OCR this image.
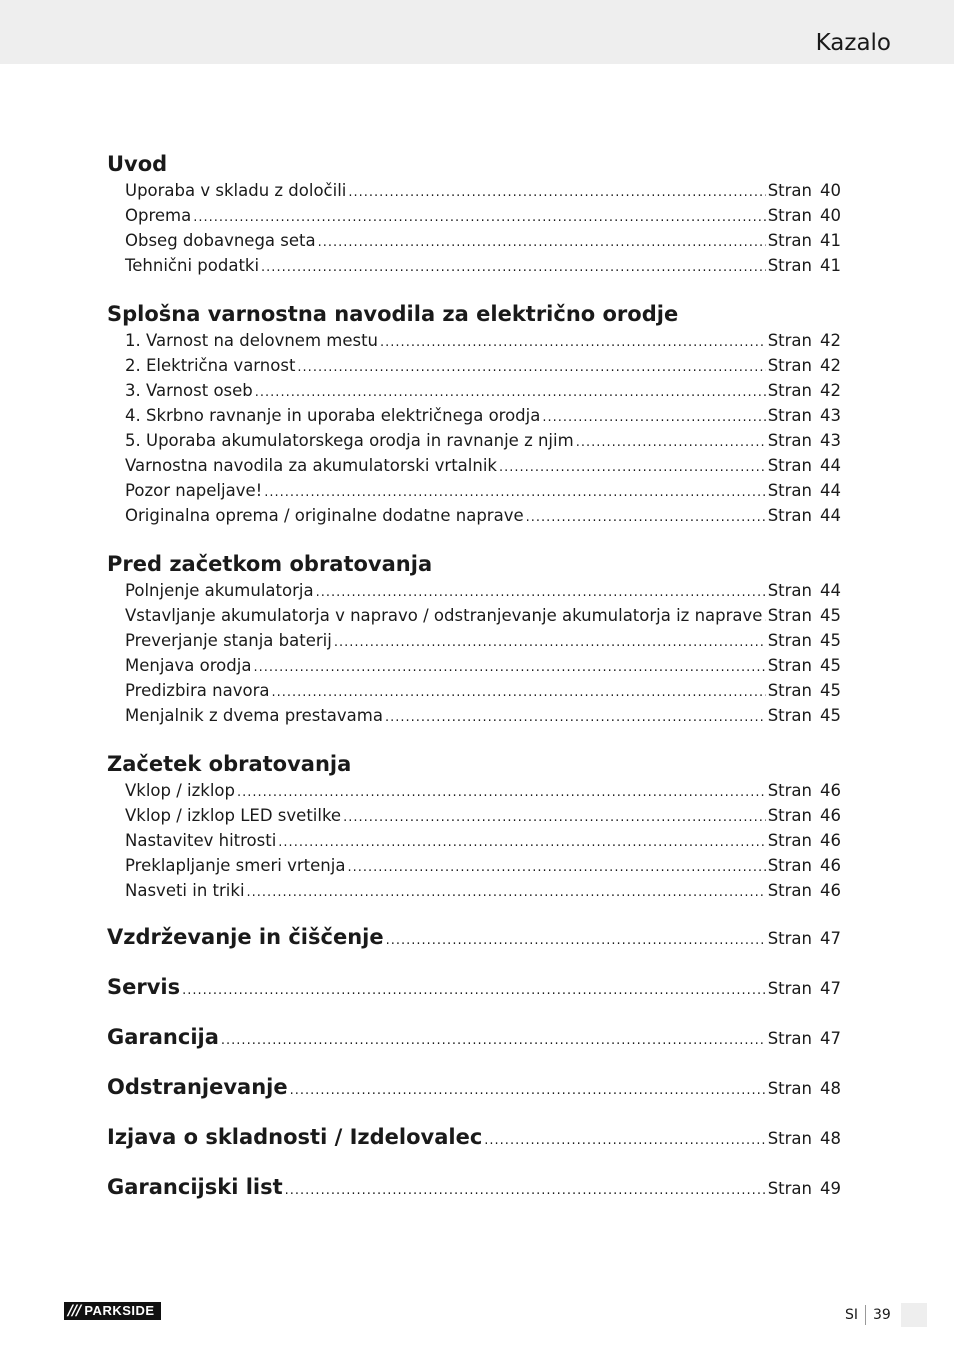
Kazalo
Uvod
Uporaba v skladu z določili .....	Stran 40
Oprema .....	Stran 40
Obseg dobavnega seta .....	Stran 41
Tehnični podatki .....	Stran 41
Splošna varnostna navodila za električno orodje
1. Varnost na delovnem mestu .....	Stran 42
2. Električna varnost .....	Stran 42
3. Varnost oseb .....	Stran 42
4. Skrbno ravnanje in uporaba električnega orodja .....	Stran 43
5. Uporaba akumulatorskega orodja in ravnanje z njim .....	Stran 43
Varnostna navodila za akumulatorski vrtalnik .....	Stran 44
Pozor napeljave! .....	Stran 44
Originalna oprema / originalne dodatne naprave .....	Stran 44
Pred začetkom obratovanja
Polnjenje akumulatorja .....	Stran 44
Vstavljanje akumulatorja v napravo / odstranjevanje akumulatorja iz naprave ..... Stran 45
Preverjanje stanja baterij .....	Stran 45
Menjava orodja .....	Stran 45
Predizbira navora .....	Stran 45
Menjalnik z dvema prestavama .....	Stran 45
Začetek obratovanja
Vklop / izklop .....	Stran 46
Vklop / izklop LED svetilke .....	Stran 46
Nastavitev hitrosti .....	Stran 46
Preklapljanje smeri vrtenja .....	Stran 46
Nasveti in triki .....	Stran 46
Vzdrževanje in čiščenje .....	Stran 47
Servis .....	Stran 47
Garancija .....	Stran 47
Odstranjevanje .....	Stran 48
Izjava o skladnosti / Izdelovalec .....	Stran 48
Garancijski list .....	Stran 49
/// PARKSIDE	SI 39
